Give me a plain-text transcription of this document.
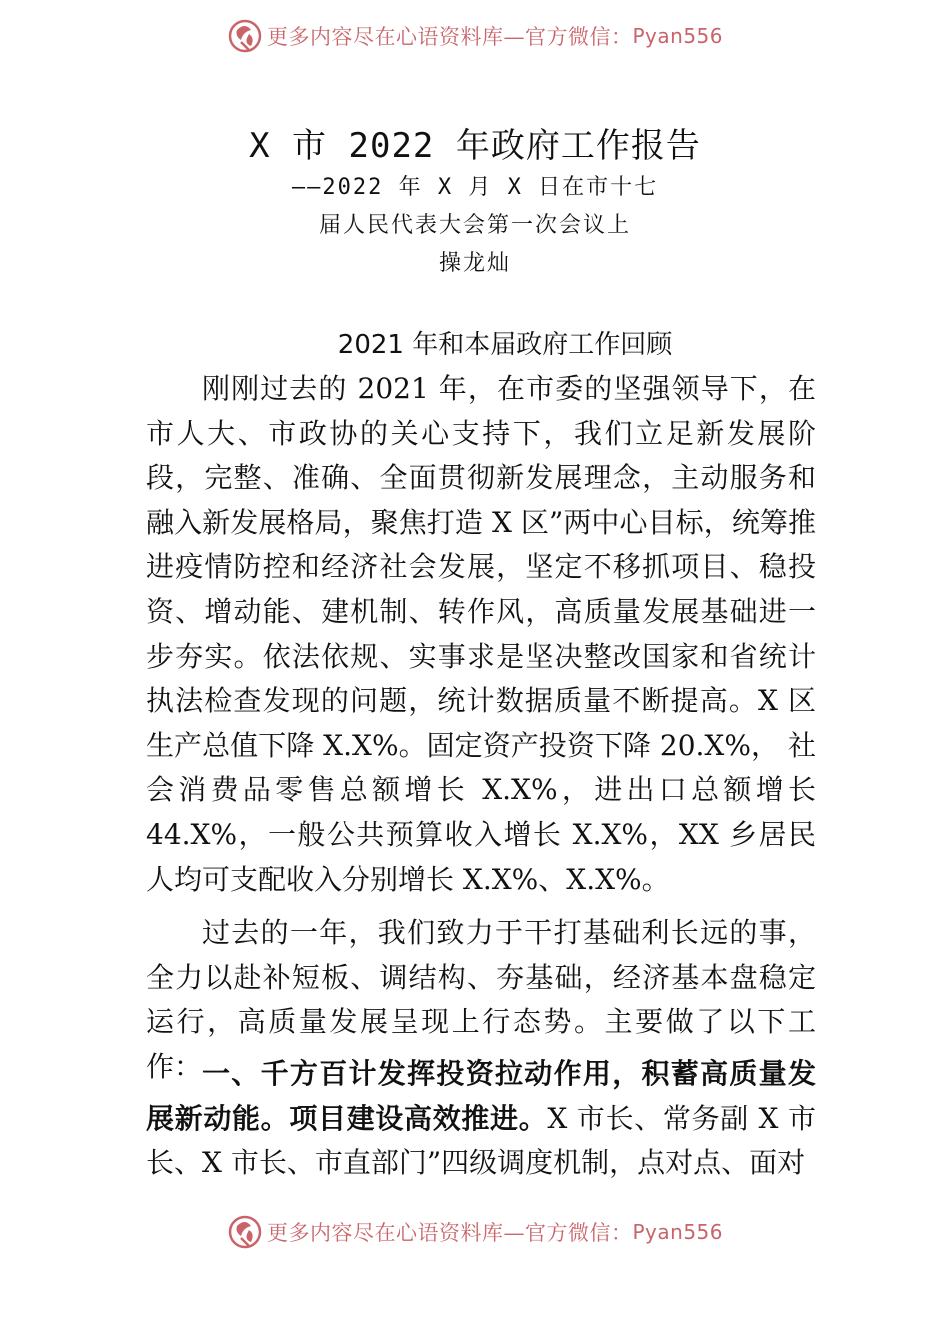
更多内容尽在心语资料库—官方微信： Pyan556
X 市 2022 年政府工作报告
——2022 年 X 月 X 日在市十七
届人民代表大会第一次会议上
操龙灿
2021 年和本届政府工作回顾

刚刚过去的 2021 年，在市委的坚强领导下，在市人大、市政协的关心支持下，我们立足新发展阶段，完整、准确、全面贯彻新发展理念，主动服务和融入新发展格局，聚焦打造 X 区”两中心目标，统筹推进疫情防控和经济社会发展，坚定不移抓项目、稳投资、增动能、建机制、转作风，高质量发展基础进一步夯实。依法依规、实事求是坚决整改国家和省统计执法检查发现的问题，统计数据质量不断提高。X 区生产总值下降 X.X%。固定资产投资下降 20.X%， 社会消费品零售总额增长 X.X%，进出口总额增长 44.X%，一般公共预算收入增长 X.X%，XX 乡居民人均可支配收入分别增长 X.X%、X.X%。

过去的一年，我们致力于干打基础利长远的事，全力以赴补短板、调结构、夯基础，经济基本盘稳定运行，高质量发展呈现上行态势。主要做了以下工作： 一、千方百计发挥投资拉动作用，积蓄高质量发展新动能。项目建设高效推进。X 市长、常务副 X 市长、X 市长、市直部门”四级调度机制，点对点、面对

更多内容尽在心语资料库—官方微信： Pyan556
